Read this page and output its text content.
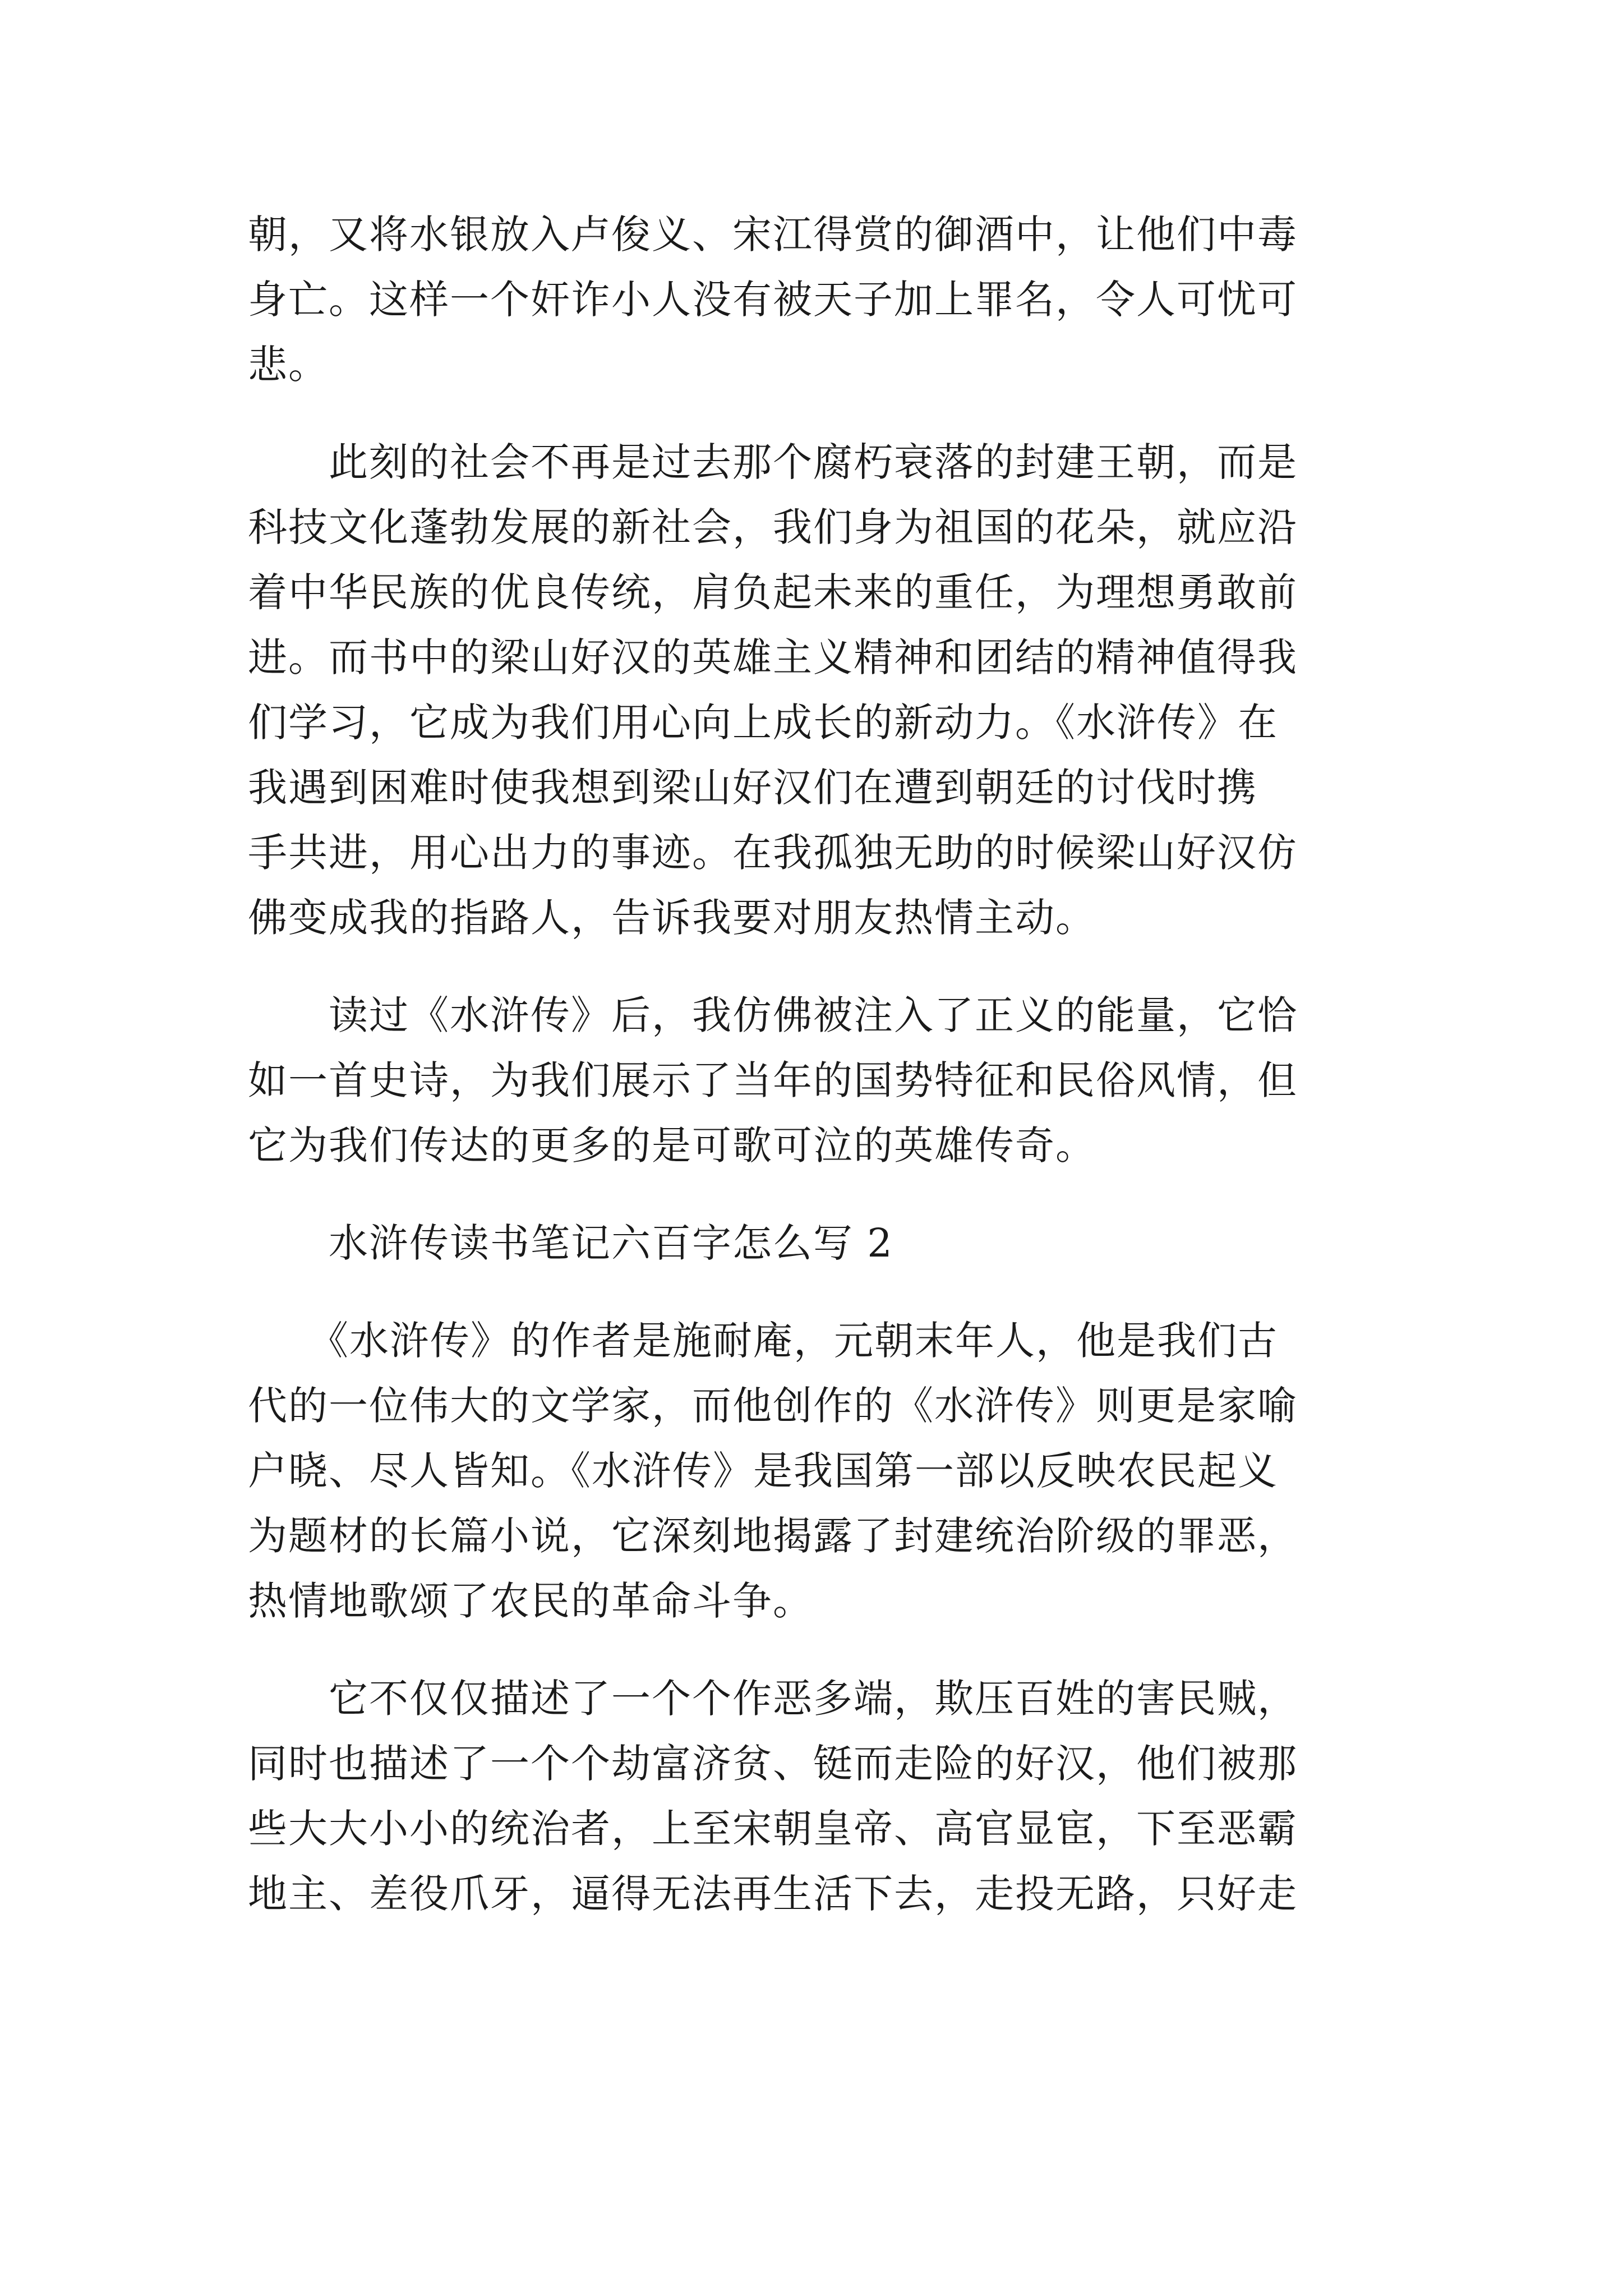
朝，又将水银放入卢俊义、宋江得赏的御酒中，让他们中毒
身亡。这样一个奸诈小人没有被天子加上罪名，令人可忧可
悲。
　　此刻的社会不再是过去那个腐朽衰落的封建王朝，而是
科技文化蓬勃发展的新社会，我们身为祖国的花朵，就应沿
着中华民族的优良传统，肩负起未来的重任，为理想勇敢前
进。而书中的梁山好汉的英雄主义精神和团结的精神值得我
们学习，它成为我们用心向上成长的新动力。《水浒传》在
我遇到困难时使我想到梁山好汉们在遭到朝廷的讨伐时携
手共进，用心出力的事迹。在我孤独无助的时候梁山好汉仿
佛变成我的指路人，告诉我要对朋友热情主动。
　　读过《水浒传》后，我仿佛被注入了正义的能量，它恰
如一首史诗，为我们展示了当年的国势特征和民俗风情，但
它为我们传达的更多的是可歌可泣的英雄传奇。
　　水浒传读书笔记六百字怎么写 2
　　《水浒传》的作者是施耐庵，元朝末年人，他是我们古
代的一位伟大的文学家，而他创作的《水浒传》则更是家喻
户晓、尽人皆知。《水浒传》是我国第一部以反映农民起义
为题材的长篇小说，它深刻地揭露了封建统治阶级的罪恶，
热情地歌颂了农民的革命斗争。
　　它不仅仅描述了一个个作恶多端，欺压百姓的害民贼，
同时也描述了一个个劫富济贫、铤而走险的好汉，他们被那
些大大小小的统治者，上至宋朝皇帝、高官显宦，下至恶霸
地主、差役爪牙，逼得无法再生活下去，走投无路，只好走
